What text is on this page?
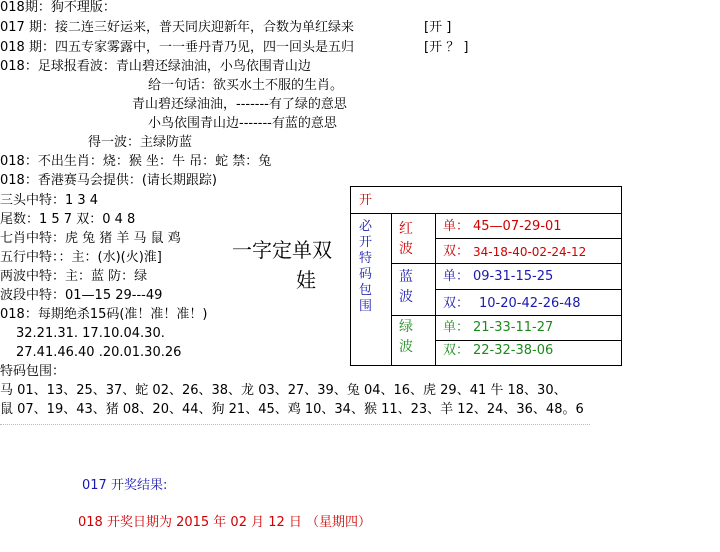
018期：狗不理版：
017 期：接二连三好运来，普天同庆迎新年，合数为单红绿来	[开 ]
018 期：四五专家雾露中，一一垂丹青乃见，四一回头是五归	[开 ？ ]
018：足球报看波：青山碧还绿油油，小鸟依围青山边
给一句话：欲买水土不服的生肖。
青山碧还绿油油，-------有了绿的意思
小鸟依围青山边-------有蓝的意思
得一波：主绿防蓝
018：不出生肖：烧：猴 坐：牛 吊：蛇 禁：兔
018：香港赛马会提供：(请长期跟踪)
三头中特：1 3 4
尾数：1 5 7 双：0 4 8
七肖中特：虎 兔 猪 羊 马 鼠 鸡
五行中特：：主：(水)(火)淮]
两波中特：主：蓝 防：绿
波段中特：01—15 29---49
018：每期绝杀15码(准！准！准！)
32.21.31. 17.10.04.30.
27.41.46.40 .20.01.30.26
特码包围：
马 01、13、25、37、蛇 02、26、38、龙 03、27、39、兔 04、16、虎 29、41 牛 18、30、
鼠 07、19、43、猪 08、20、44、狗 21、45、鸡 10、34、猴 11、23、羊 12、24、36、48。6
一字定单双
娃
开
必开特码包围
红波
单： 45—07-29-01
双： 34-18-40-02-24-12
蓝波
单： 09-31-15-25
双： 10-20-42-26-48
绿波
单： 21-33-11-27
双： 22-32-38-06
017 开奖结果:
018 开奖日期为 2015 年 02 月 12 日 （星期四）
